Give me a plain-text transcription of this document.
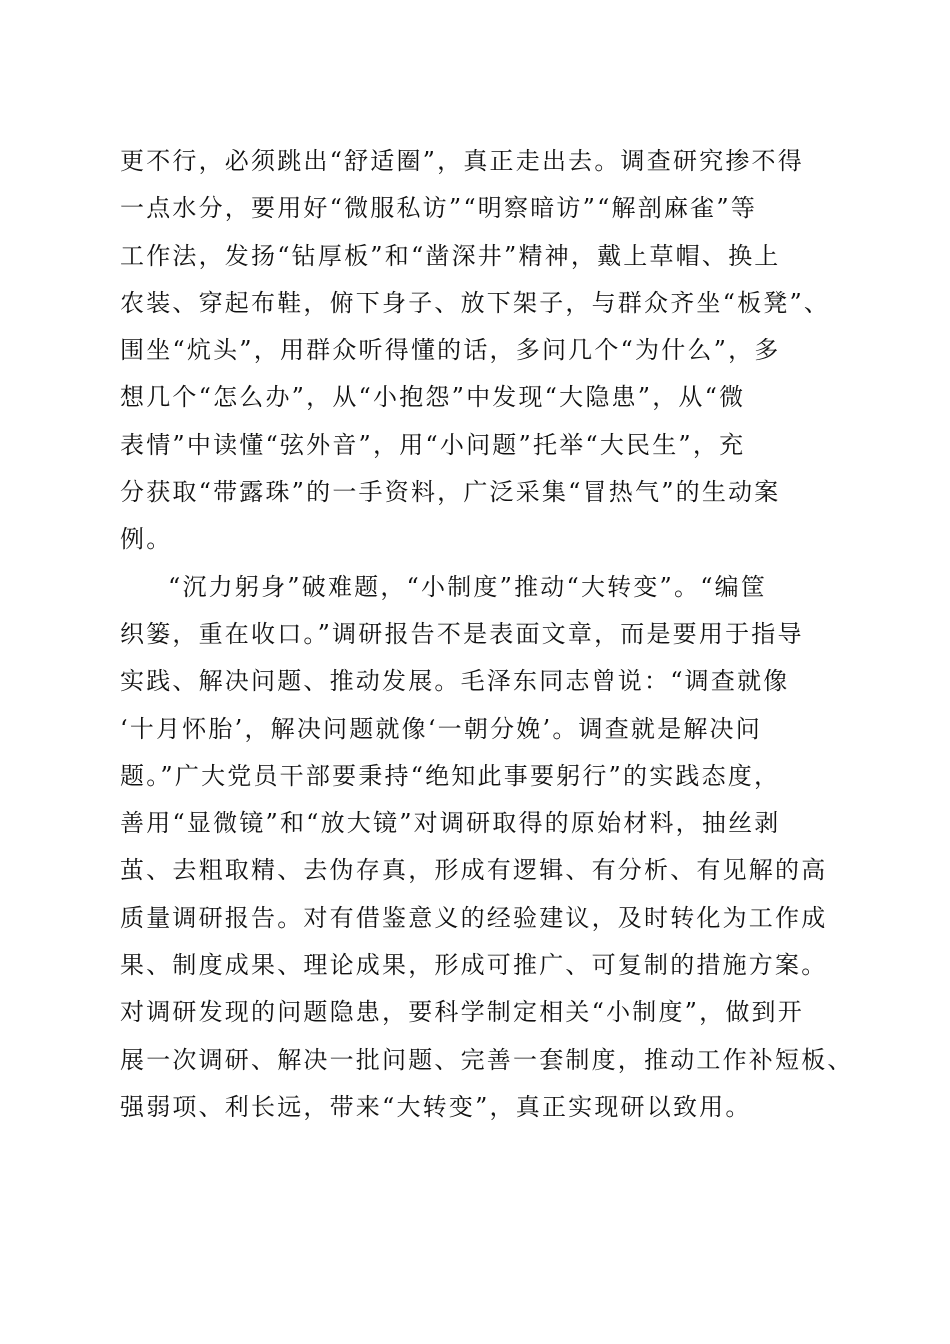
更不行，必须跳出“舒适圈”，真正走出去。调查研究掺不得
一点水分，要用好“微服私访”“明察暗访”“解剖麻雀”等
工作法，发扬“钻厚板”和“凿深井”精神，戴上草帽、换上
农装、穿起布鞋，俯下身子、放下架子，与群众齐坐“板凳”、
围坐“炕头”，用群众听得懂的话，多问几个“为什么”，多
想几个“怎么办”，从“小抱怨”中发现“大隐患”，从“微
表情”中读懂“弦外音”，用“小问题”托举“大民生”，充
分获取“带露珠”的一手资料，广泛采集“冒热气”的生动案
例。
“沉力躬身”破难题，“小制度”推动“大转变”。“编筐
织篓，重在收口。”调研报告不是表面文章，而是要用于指导
实践、解决问题、推动发展。毛泽东同志曾说：“调查就像
‘十月怀胎’，解决问题就像‘一朝分娩’。调查就是解决问
题。”广大党员干部要秉持“绝知此事要躬行”的实践态度，
善用“显微镜”和“放大镜”对调研取得的原始材料，抽丝剥
茧、去粗取精、去伪存真，形成有逻辑、有分析、有见解的高
质量调研报告。对有借鉴意义的经验建议，及时转化为工作成
果、制度成果、理论成果，形成可推广、可复制的措施方案。
对调研发现的问题隐患，要科学制定相关“小制度”，做到开
展一次调研、解决一批问题、完善一套制度，推动工作补短板、
强弱项、利长远，带来“大转变”，真正实现研以致用。
